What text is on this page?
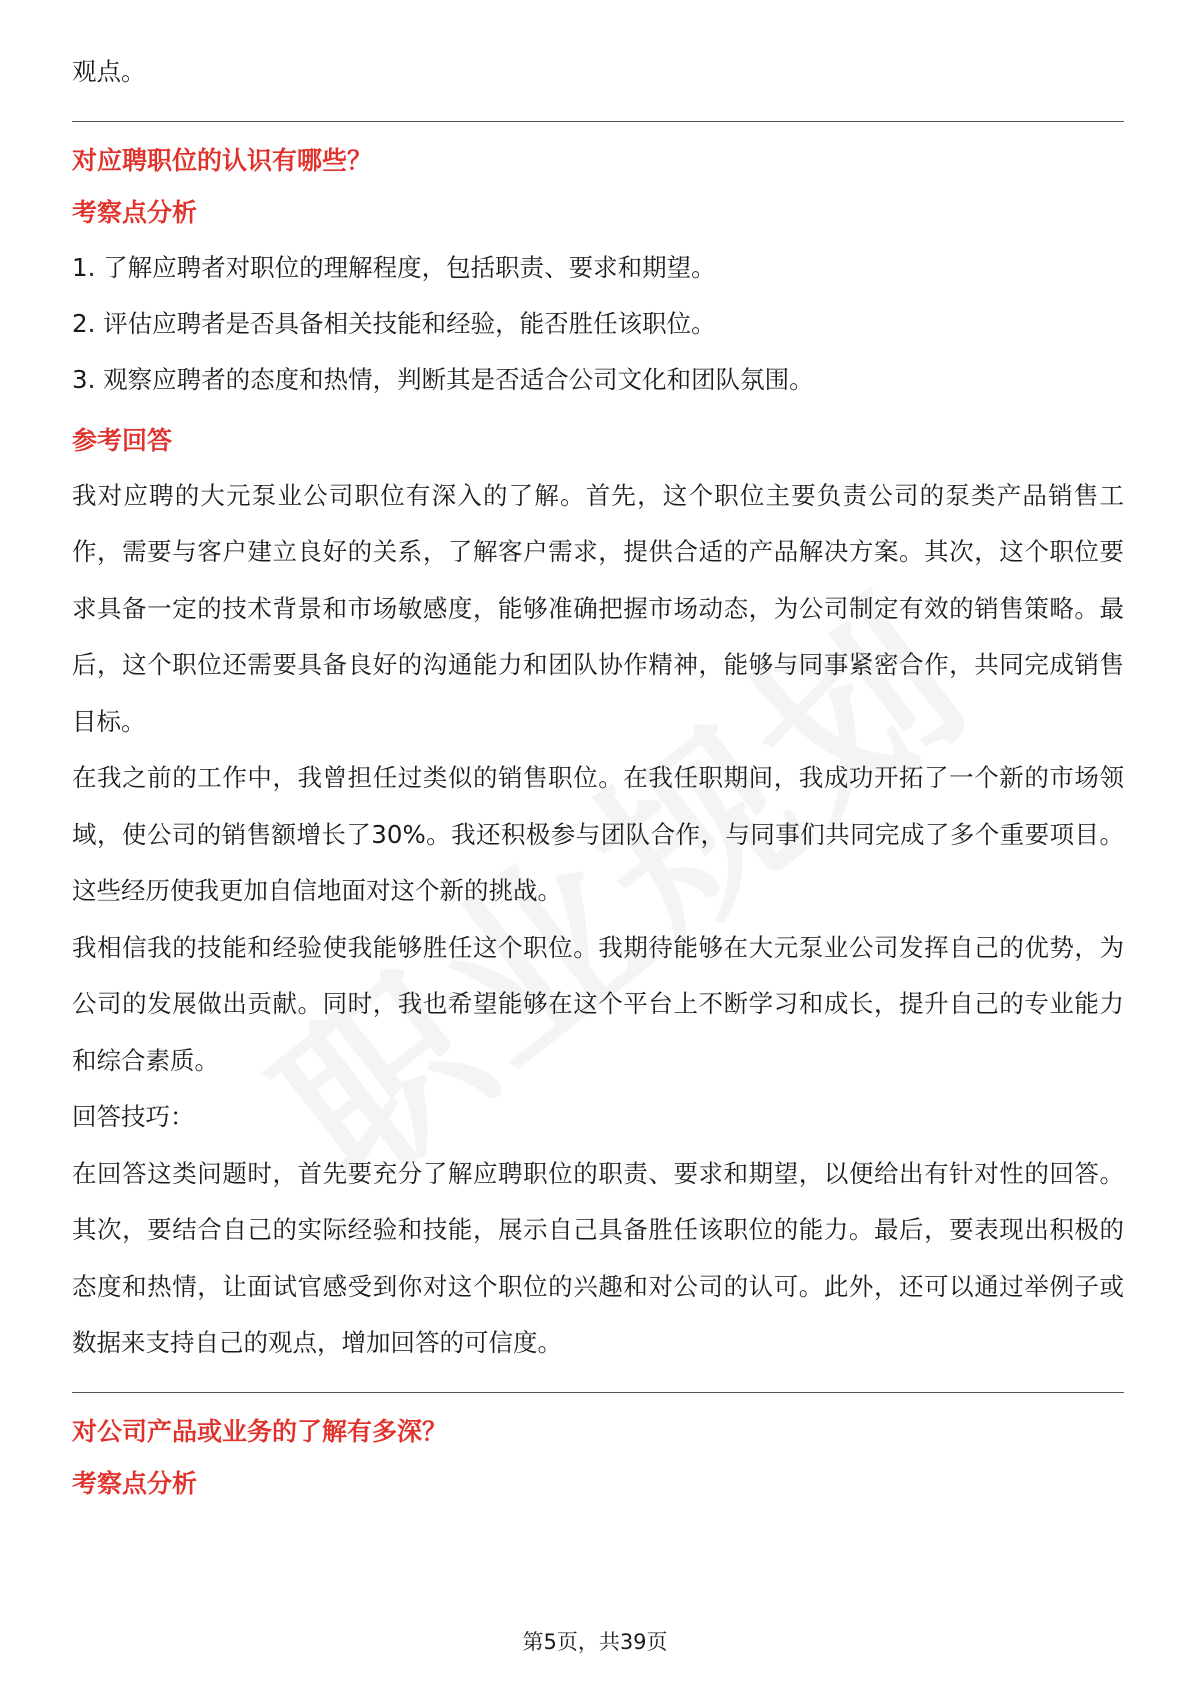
观点。

对应聘职位的认识有哪些？
考察点分析

1. 了解应聘者对职位的理解程度，包括职责、要求和期望。

2. 评估应聘者是否具备相关技能和经验，能否胜任该职位。

3. 观察应聘者的态度和热情，判断其是否适合公司文化和团队氛围。

参考回答

我对应聘的大元泵业公司职位有深入的了解。首先，这个职位主要负责公司的泵类产品销售工作，需要与客户建立良好的关系，了解客户需求，提供合适的产品解决方案。其次，这个职位要求具备一定的技术背景和市场敏感度，能够准确把握市场动态，为公司制定有效的销售策略。最后，这个职位还需要具备良好的沟通能力和团队协作精神，能够与同事紧密合作，共同完成销售目标。

在我之前的工作中，我曾担任过类似的销售职位。在我任职期间，我成功开拓了一个新的市场领域，使公司的销售额增长了30%。我还积极参与团队合作，与同事们共同完成了多个重要项目。这些经历使我更加自信地面对这个新的挑战。

我相信我的技能和经验使我能够胜任这个职位。我期待能够在大元泵业公司发挥自己的优势，为公司的发展做出贡献。同时，我也希望能够在这个平台上不断学习和成长，提升自己的专业能力和综合素质。

回答技巧：

在回答这类问题时，首先要充分了解应聘职位的职责、要求和期望，以便给出有针对性的回答。其次，要结合自己的实际经验和技能，展示自己具备胜任该职位的能力。最后，要表现出积极的态度和热情，让面试官感受到你对这个职位的兴趣和对公司的认可。此外，还可以通过举例子或数据来支持自己的观点，增加回答的可信度。

对公司产品或业务的了解有多深？
考察点分析
第5页，共39页
